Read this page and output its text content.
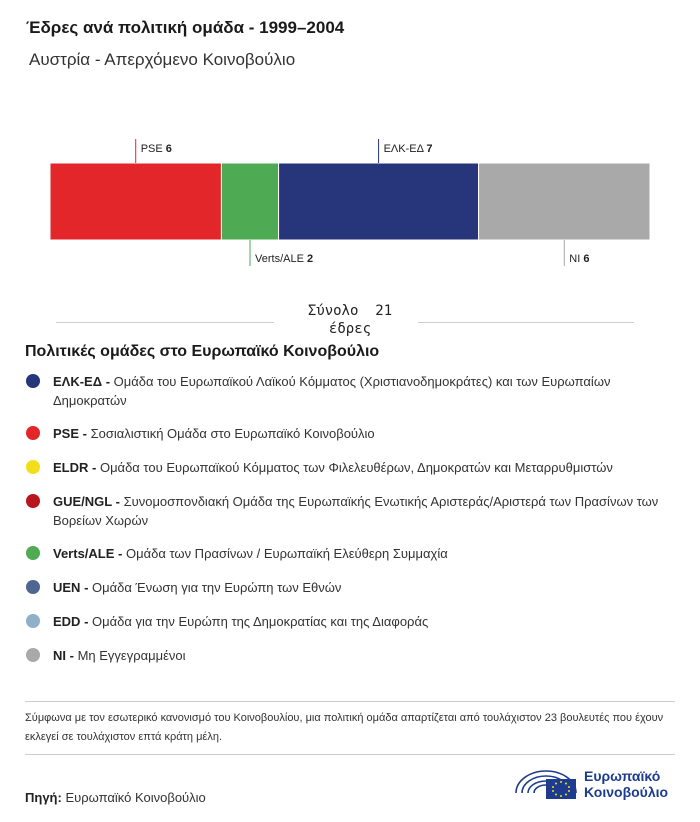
Έδρες ανά πολιτική ομάδα - 1999–2004
Αυστρία - Απερχόμενο Κοινοβούλιο
PSE 6
Verts/ALE 2
ΕΛΚ-ΕΔ 7
NI 6
Σύνολο 21
έδρες
Πολιτικές ομάδες στο Ευρωπαϊκό Κοινοβούλιο
ΕΛΚ-ΕΔ - Ομάδα του Ευρωπαϊκού Λαϊκού Κόμματος (Χριστιανοδημοκράτες) και των Ευρωπαίων Δημοκρατών
PSE - Σοσιαλιστική Ομάδα στο Ευρωπαϊκό Κοινοβούλιο
ELDR - Ομάδα του Ευρωπαϊκού Κόμματος των Φιλελευθέρων, Δημοκρατών και Μεταρρυθμιστών
GUE/NGL - Συνομοσπονδιακή Ομάδα της Ευρωπαϊκής Ενωτικής Αριστεράς/Αριστερά των Πρασίνων των Βορείων Χωρών
Verts/ALE - Ομάδα των Πρασίνων / Ευρωπαϊκή Ελεύθερη Συμμαχία
UEN - Ομάδα Ένωση για την Ευρώπη των Εθνών
EDD - Ομάδα για την Ευρώπη της Δημοκρατίας και της Διαφοράς
NI - Μη Εγγεγραμμένοι
Σύμφωνα με τον εσωτερικό κανονισμό του Κοινοβουλίου, μια πολιτική ομάδα απαρτίζεται από τουλάχιστον 23 βουλευτές που έχουν εκλεγεί σε τουλάχιστον επτά κράτη μέλη.
Πηγή: Ευρωπαϊκό Κοινοβούλιο
Ευρωπαϊκό
Κοινοβούλιο
